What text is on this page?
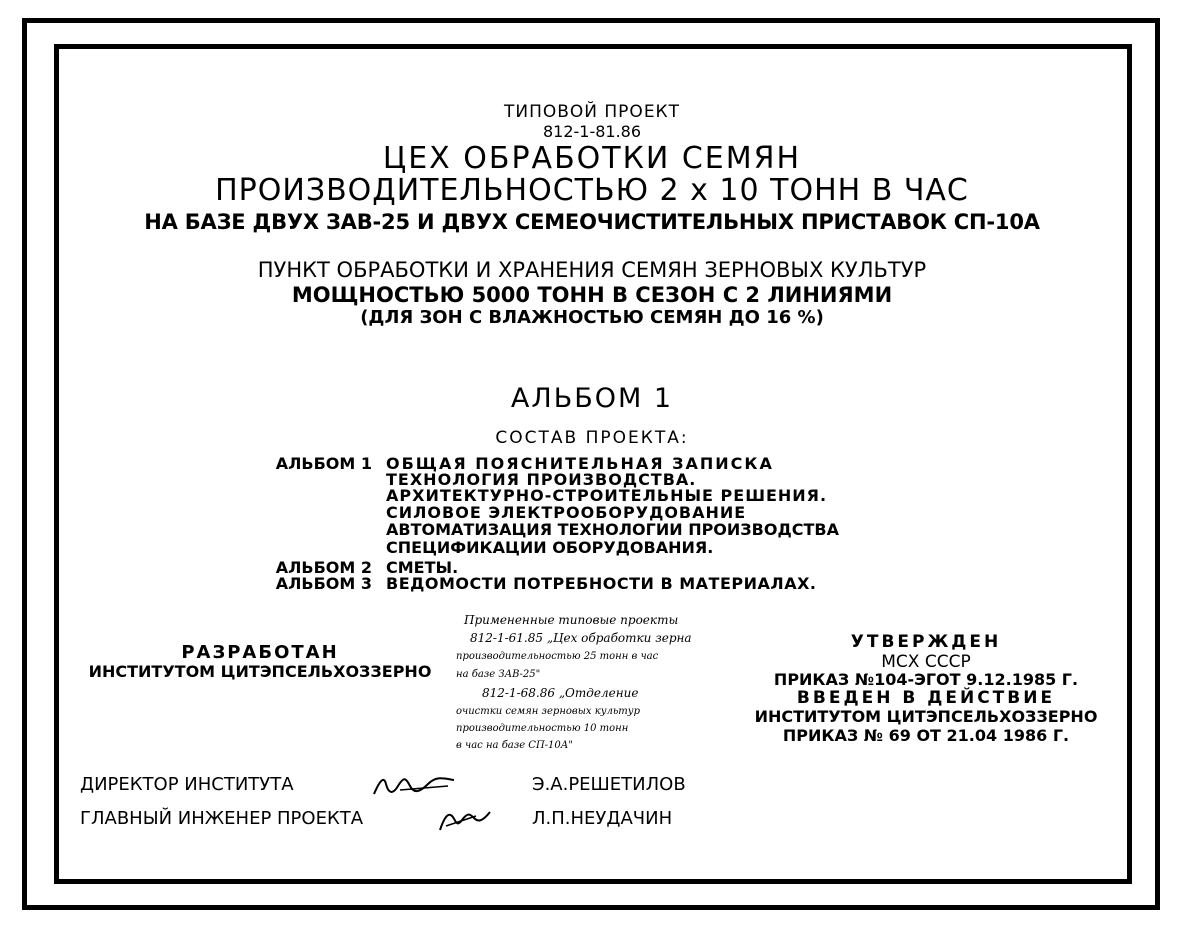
ТИПОВОЙ ПРОЕКТ
812-1-81.86
ЦЕХ ОБРАБОТКИ СЕМЯН
ПРОИЗВОДИТЕЛЬНОСТЬЮ 2 х 10 ТОНН В ЧАС
НА БАЗЕ ДВУХ ЗАВ-25 И ДВУХ СЕМЕОЧИСТИТЕЛЬНЫХ ПРИСТАВОК СП-10А
ПУНКТ ОБРАБОТКИ И ХРАНЕНИЯ СЕМЯН ЗЕРНОВЫХ КУЛЬТУР
МОЩНОСТЬЮ 5000 ТОНН В СЕЗОН С 2 ЛИНИЯМИ
(ДЛЯ ЗОН С ВЛАЖНОСТЬЮ СЕМЯН ДО 16 %)
АЛЬБОМ 1
СОСТАВ ПРОЕКТА:
АЛЬБОМ 1 ОБЩАЯ ПОЯСНИТЕЛЬНАЯ ЗАПИСКА
ТЕХНОЛОГИЯ ПРОИЗВОДСТВА.
АРХИТЕКТУРНО-СТРОИТЕЛЬНЫЕ РЕШЕНИЯ.
СИЛОВОЕ ЭЛЕКТРООБОРУДОВАНИЕ
АВТОМАТИЗАЦИЯ ТЕХНОЛОГИИ ПРОИЗВОДСТВА
СПЕЦИФИКАЦИИ ОБОРУДОВАНИЯ.
АЛЬБОМ 2 СМЕТЫ.
АЛЬБОМ 3 ВЕДОМОСТИ ПОТРЕБНОСТИ В МАТЕРИАЛАХ.
РАЗРАБОТАН
ИНСТИТУТОМ ЦИТЭПСЕЛЬХОЗЗЕРНО
Примененные типовые проекты
812-1-61.85 „Цех обработки зерна
производительностью 25 тонн в час
на базе ЗАВ-25"
812-1-68.86 „Отделение
очистки семян зерновых культур
производительностью 10 тонн
в час на базе СП-10А"
УТВЕРЖДЕН
МСХ СССР
ПРИКАЗ №104-ЭГОТ 9.12.1985 Г.
ВВЕДЕН В ДЕЙСТВИЕ
ИНСТИТУТОМ ЦИТЭПСЕЛЬХОЗЗЕРНО
ПРИКАЗ № 69 ОТ 21.04 1986 Г.
ДИРЕКТОР ИНСТИТУТА	Э.А.РЕШЕТИЛОВ
ГЛАВНЫЙ ИНЖЕНЕР ПРОЕКТА	Л.П.НЕУДАЧИН
